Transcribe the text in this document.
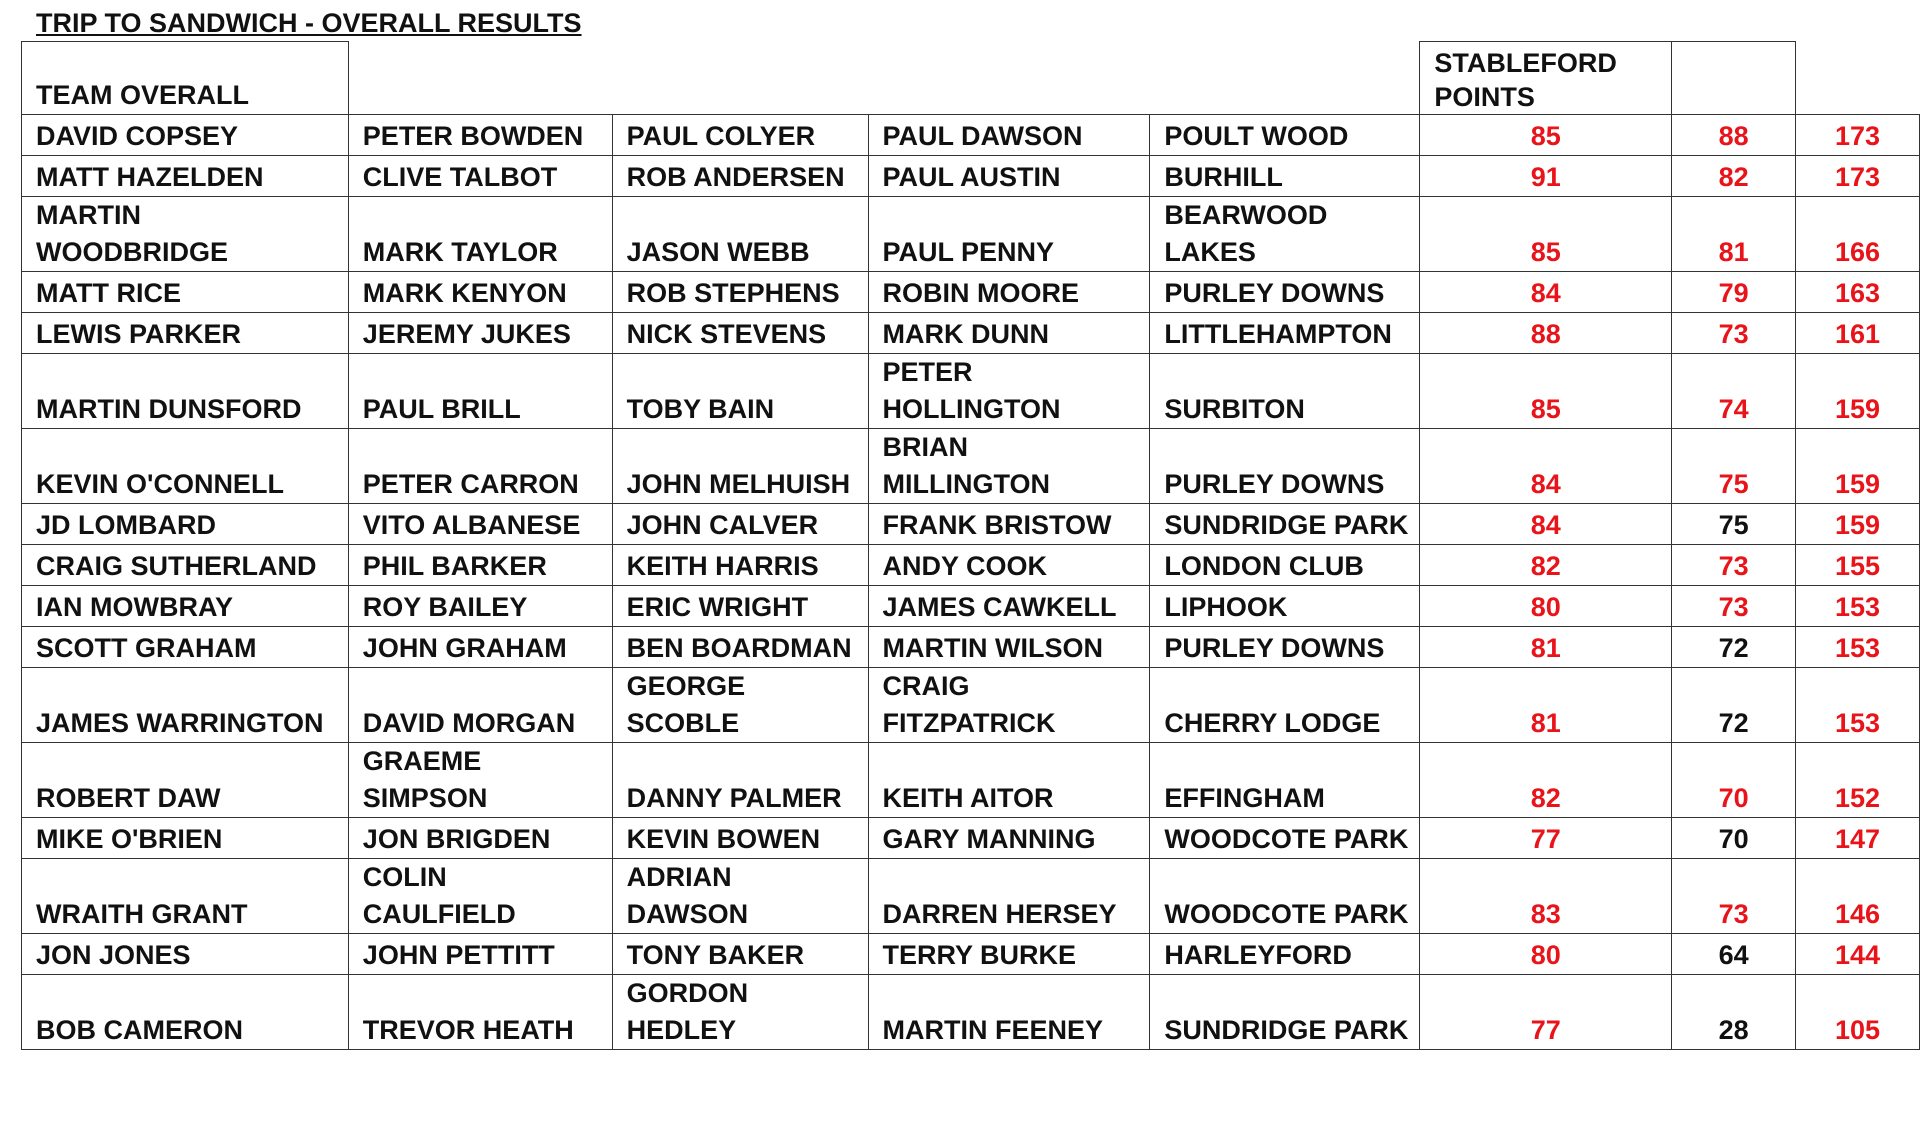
TRIP TO SANDWICH - OVERALL RESULTS
TEAM OVERALL					STABLEFORD POINTS		
DAVID COPSEY	PETER BOWDEN	PAUL COLYER	PAUL DAWSON	POULT WOOD	85	88	173
MATT HAZELDEN	CLIVE TALBOT	ROB ANDERSEN	PAUL AUSTIN	BURHILL	91	82	173
MARTIN WOODBRIDGE	MARK TAYLOR	JASON WEBB	PAUL PENNY	BEARWOOD LAKES	85	81	166
MATT RICE	MARK KENYON	ROB STEPHENS	ROBIN MOORE	PURLEY DOWNS	84	79	163
LEWIS PARKER	JEREMY JUKES	NICK STEVENS	MARK DUNN	LITTLEHAMPTON	88	73	161
MARTIN DUNSFORD	PAUL BRILL	TOBY BAIN	PETER HOLLINGTON	SURBITON	85	74	159
KEVIN O'CONNELL	PETER CARRON	JOHN MELHUISH	BRIAN MILLINGTON	PURLEY DOWNS	84	75	159
JD LOMBARD	VITO ALBANESE	JOHN CALVER	FRANK BRISTOW	SUNDRIDGE PARK	84	75	159
CRAIG SUTHERLAND	PHIL BARKER	KEITH HARRIS	ANDY COOK	LONDON CLUB	82	73	155
IAN MOWBRAY	ROY BAILEY	ERIC WRIGHT	JAMES CAWKELL	LIPHOOK	80	73	153
SCOTT GRAHAM	JOHN GRAHAM	BEN BOARDMAN	MARTIN WILSON	PURLEY DOWNS	81	72	153
JAMES WARRINGTON	DAVID MORGAN	GEORGE SCOBLE	CRAIG FITZPATRICK	CHERRY LODGE	81	72	153
ROBERT DAW	GRAEME SIMPSON	DANNY PALMER	KEITH AITOR	EFFINGHAM	82	70	152
MIKE O'BRIEN	JON BRIGDEN	KEVIN BOWEN	GARY MANNING	WOODCOTE PARK	77	70	147
WRAITH GRANT	COLIN CAULFIELD	ADRIAN DAWSON	DARREN HERSEY	WOODCOTE PARK	83	73	146
JON JONES	JOHN PETTITT	TONY BAKER	TERRY BURKE	HARLEYFORD	80	64	144
BOB CAMERON	TREVOR HEATH	GORDON HEDLEY	MARTIN FEENEY	SUNDRIDGE PARK	77	28	105
